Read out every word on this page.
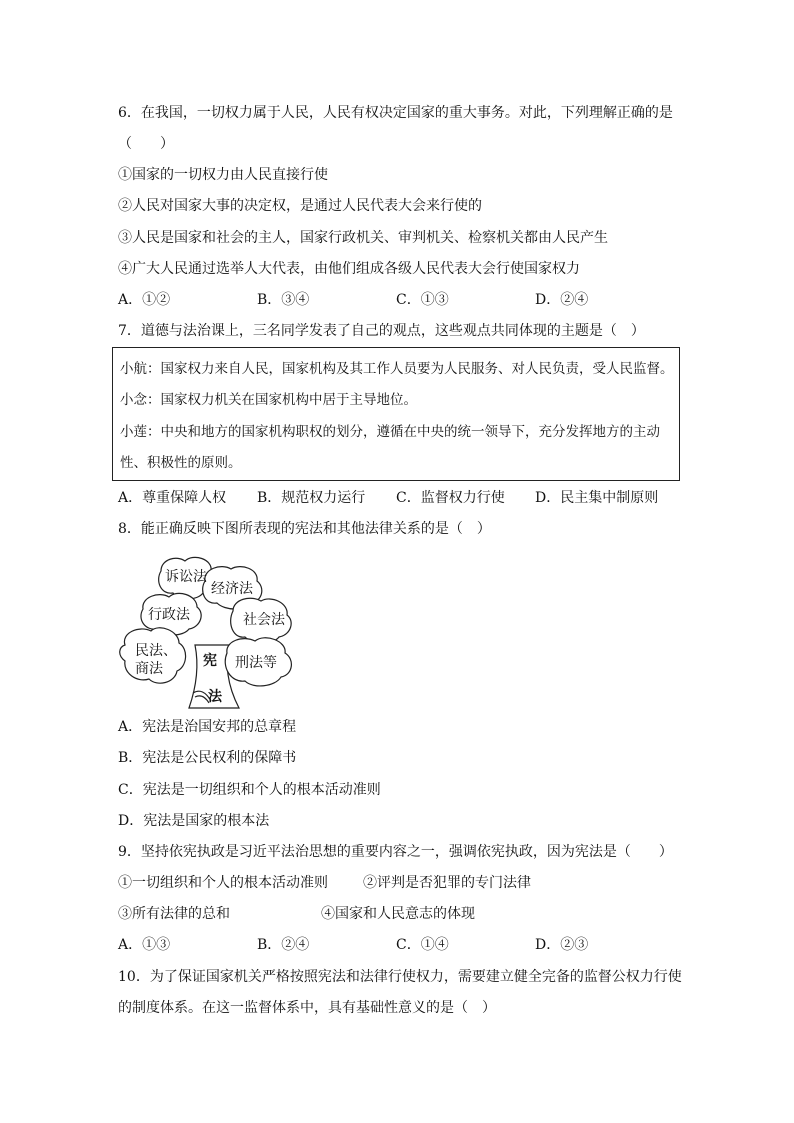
6．在我国，一切权力属于人民，人民有权决定国家的重大事务。对此，下列理解正确的是
（　　）
①国家的一切权力由人民直接行使
②人民对国家大事的决定权，是通过人民代表大会来行使的
③人民是国家和社会的主人，国家行政机关、审判机关、检察机关都由人民产生
④广大人民通过选举人大代表，由他们组成各级人民代表大会行使国家权力
A．①②	B．③④	C．①③	D．②④
7．道德与法治课上，三名同学发表了自己的观点，这些观点共同体现的主题是（　）
小航：国家权力来自人民，国家机构及其工作人员要为人民服务、对人民负责，受人民监督。
小念：国家权力机关在国家机构中居于主导地位。
小莲：中央和地方的国家机构职权的划分，遵循在中央的统一领导下，充分发挥地方的主动
性、积极性的原则。
A．尊重保障人权 B．规范权力运行 C．监督权力行使 D．民主集中制原则
8．能正确反映下图所表现的宪法和其他法律关系的是（　）
诉讼法
经济法
行政法	社会法
民法、
商法	刑法等
宪
法
A．宪法是治国安邦的总章程
B．宪法是公民权利的保障书
C．宪法是一切组织和个人的根本活动准则
D．宪法是国家的根本法
9．坚持依宪执政是习近平法治思想的重要内容之一，强调依宪执政，因为宪法是（　　）
①一切组织和个人的根本活动准则	②评判是否犯罪的专门法律
③所有法律的总和	④国家和人民意志的体现
A．①③	B．②④	C．①④	D．②③
10．为了保证国家机关严格按照宪法和法律行使权力，需要建立健全完备的监督公权力行使
的制度体系。在这一监督体系中，具有基础性意义的是（　）
